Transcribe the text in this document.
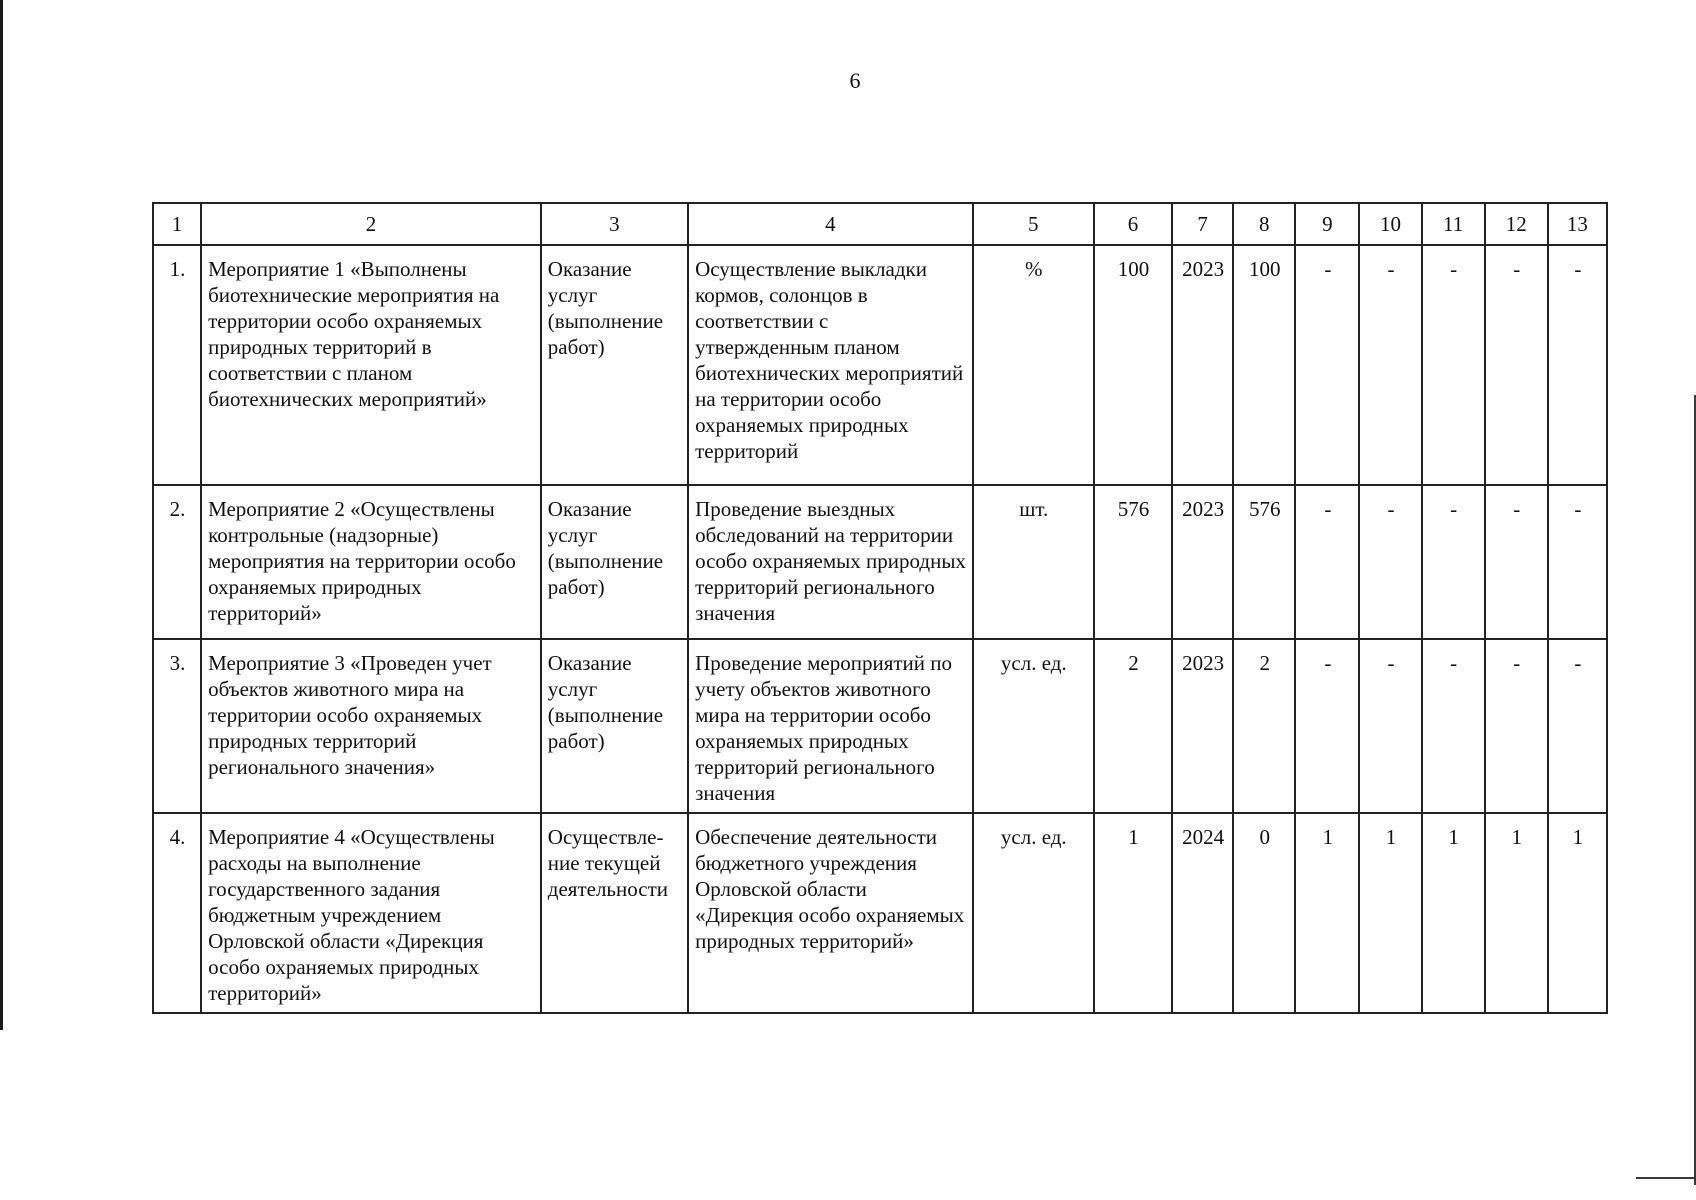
6
1	2	3	4	5	6	7	8	9	10	11	12	13
1.	Мероприятие 1 «Выполнены биотехнические мероприятия на территории особо охраняемых природных территорий в соответствии с планом биотехнических мероприятий»	Оказание услуг (выполнение работ)	Осуществление выкладки кормов, солонцов в соответствии с утвержденным планом биотехнических мероприятий на территории особо охраняемых природных территорий	%	100	2023	100	-	-	-	-	-
2.	Мероприятие 2 «Осуществлены контрольные (надзорные) мероприятия на территории особо охраняемых природных территорий»	Оказание услуг (выполнение работ)	Проведение выездных обследований на территории особо охраняемых природных территорий регионального значения	шт.	576	2023	576	-	-	-	-	-
3.	Мероприятие 3 «Проведен учет объектов животного мира на территории особо охраняемых природных территорий регионального значения»	Оказание услуг (выполнение работ)	Проведение мероприятий по учету объектов животного мира на территории особо охраняемых природных территорий регионального значения	усл. ед.	2	2023	2	-	-	-	-	-
4.	Мероприятие 4 «Осуществлены расходы на выполнение государственного задания бюджетным учреждением Орловской области «Дирекция особо охраняемых природных территорий»	Осуществление текущей деятельности	Обеспечение деятельности бюджетного учреждения Орловской области «Дирекция особо охраняемых природных территорий»	усл. ед.	1	2024	0	1	1	1	1	1
